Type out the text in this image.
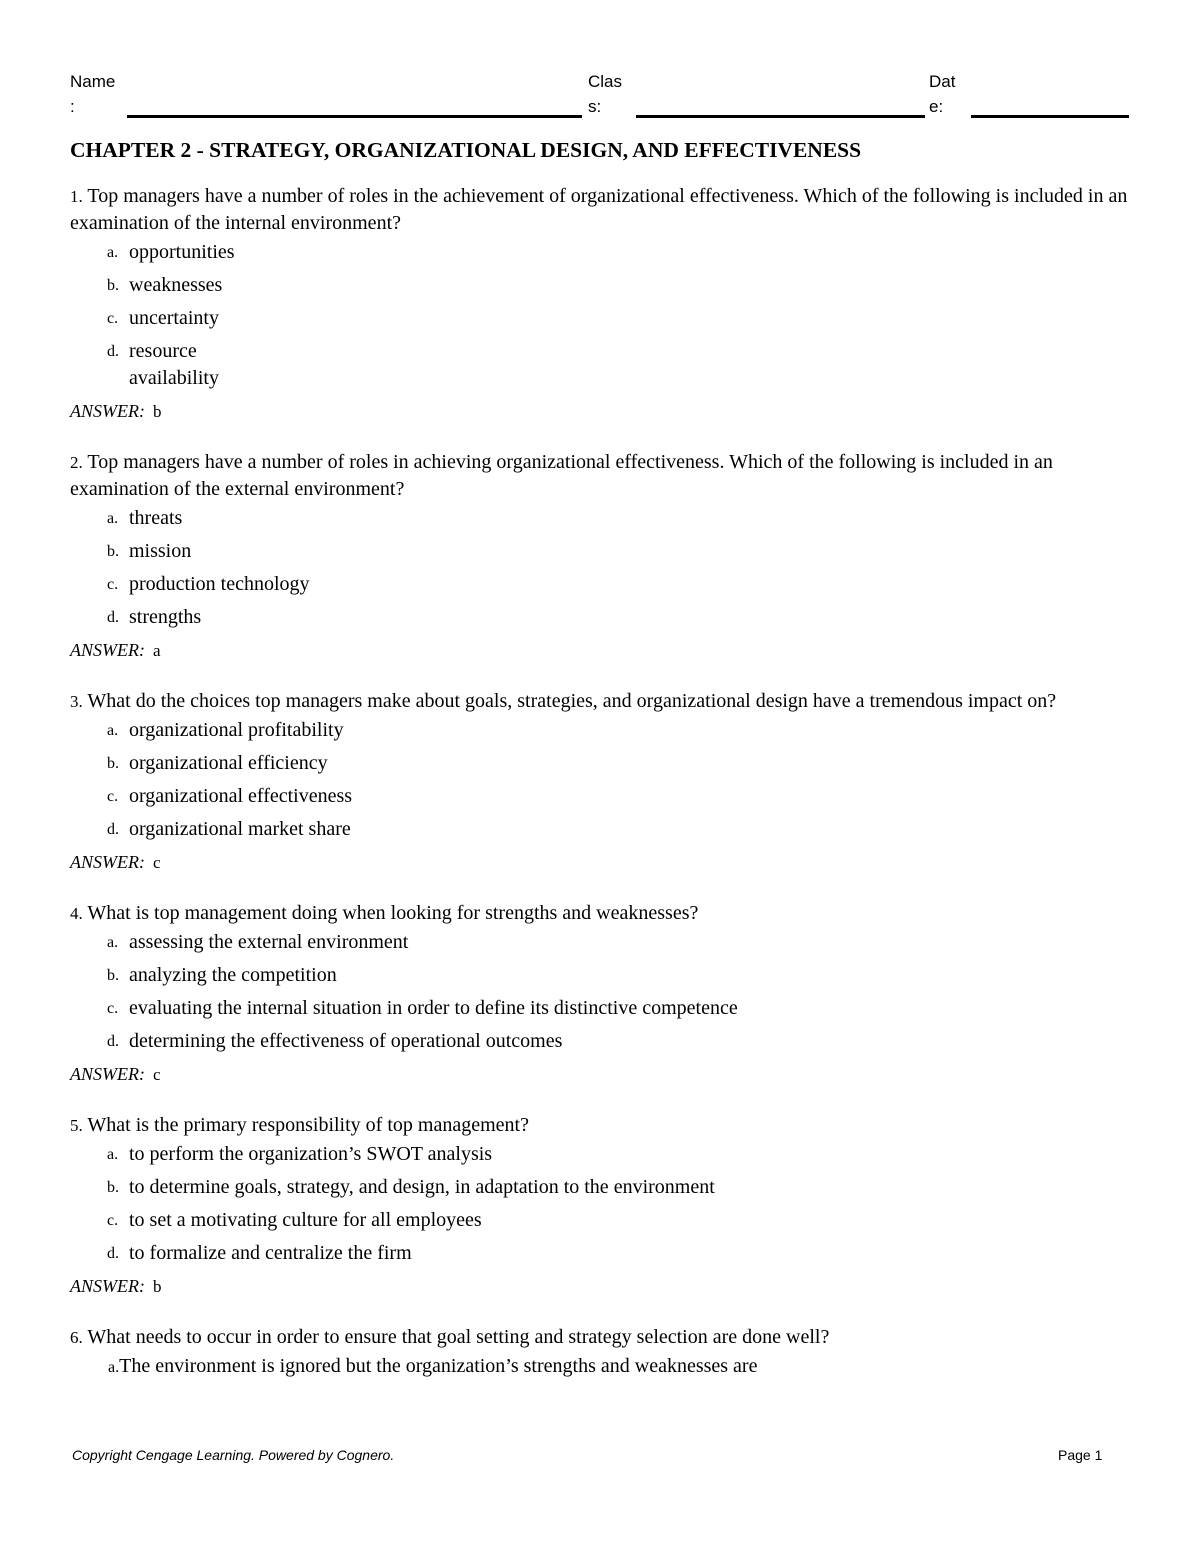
Name
:
Clas
s:
Dat
e:
CHAPTER 2 - STRATEGY, ORGANIZATIONAL DESIGN, AND EFFECTIVENESS

1. Top managers have a number of roles in the achievement of organizational effectiveness. Which of the following is included in an examination of the internal environment?

a. opportunities
b. weaknesses
c. uncertainty
d. resource availability
ANSWER: b

2. Top managers have a number of roles in achieving organizational effectiveness. Which of the following is included in an examination of the external environment?

a. threats
b. mission
c. production technology
d. strengths
ANSWER: a

3. What do the choices top managers make about goals, strategies, and organizational design have a tremendous impact on?

a. organizational profitability
b. organizational efficiency
c. organizational effectiveness
d. organizational market share
ANSWER: c

4. What is top management doing when looking for strengths and weaknesses?

a. assessing the external environment
b. analyzing the competition
c. evaluating the internal situation in order to define its distinctive competence
d. determining the effectiveness of operational outcomes
ANSWER: c

5. What is the primary responsibility of top management?

a. to perform the organization’s SWOT analysis
b. to determine goals, strategy, and design, in adaptation to the environment
c. to set a motivating culture for all employees
d. to formalize and centralize the firm
ANSWER: b

6. What needs to occur in order to ensure that goal setting and strategy selection are done well?

a.The environment is ignored but the organization’s strengths and weaknesses are
Copyright Cengage Learning. Powered by Cognero.	Page 1
